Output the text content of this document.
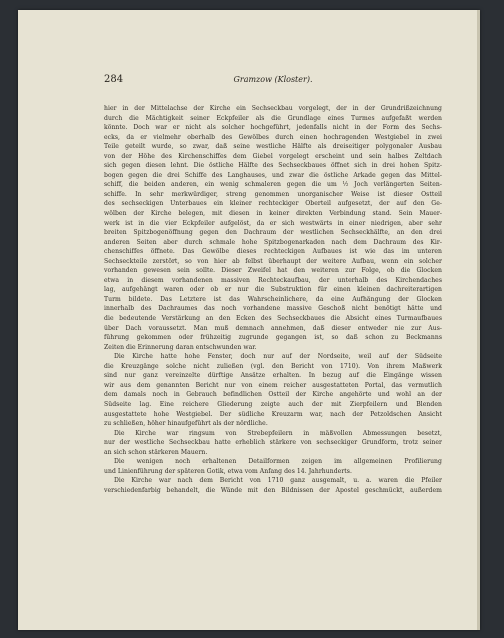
284	Gramzow (Kloster).
hier in der Mittelachse der Kirche ein Sechseckbau vorgelegt, der in der Grundrißzeichnung
durch die Mächtigkeit seiner Eckpfeiler als die Grundlage eines Turmes aufgefaßt werden
könnte. Doch war er nicht als solcher hochgeführt, jedenfalls nicht in der Form des Sechs-
ecks, da er vielmehr oberhalb des Gewölbes durch einen hochragenden Westgiebel in zwei
Teile geteilt wurde, so zwar, daß seine westliche Hälfte als dreiseitiger polygonaler Ausbau
von der Höhe des Kirchenschiffes dem Giebel vorgelegt erscheint und sein halbes Zeltdach
sich gegen diesen lehnt. Die östliche Hälfte des Sechseckbaues öffnet sich in drei hohen Spitz-
bogen gegen die drei Schiffe des Langhauses, und zwar die östliche Arkade gegen das Mittel-
schiff, die beiden anderen, ein wenig schmaleren gegen die um ½ Joch verlängerten Seiten-
schiffe. In sehr merkwürdiger, streng genommen unorganischer Weise ist dieser Ostteil
des sechseckigen Unterbaues ein kleiner rechteckiger Oberteil aufgesetzt, der auf den Ge-
wölben der Kirche belegen, mit diesen in keiner direkten Verbindung stand. Sein Mauer-
werk ist in die vier Eckpfeiler aufgelöst, da er sich westwärts in einer niedrigen, aber sehr
breiten Spitzbogenöffnung gegen den Dachraum der westlichen Sechseckhälfte, an den drei
anderen Seiten aber durch schmale hohe Spitzbogenarkaden nach dem Dachraum des Kir-
chenschiffes öffnete. Das Gewölbe dieses rechteckigen Aufbaues ist wie das im unteren
Sechseckteile zerstört, so von hier ab felbst überhaupt der weitere Aufbau, wenn ein solcher
vorhanden gewesen sein sollte. Dieser Zweifel hat den weiteren zur Folge, ob die Glocken
etwa in diesem vorhandenen massiven Rechteckaufbau, der unterhalb des Kirchendaches
lag, aufgehängt waren oder ob er nur die Substruktion für einen kleinen dachreiterartigen
Turm bildete. Das Letztere ist das Wahrscheinlichere, da eine Aufhängung der Glocken
innerhalb des Dachraumes das noch vorhandene massive Geschoß nicht benötigt hätte und
die bedeutende Verstärkung an den Ecken des Sechseckbaues die Absicht eines Turmaufbaues
über Dach voraussetzt. Man muß demnach annehmen, daß dieser entweder nie zur Aus-
führung gekommen oder frühzeitig zugrunde gegangen ist, so daß schon zu Beckmanns
Zeiten die Erinnerung daran entschwunden war.
Die Kirche hatte hohe Fenster, doch nur auf der Nordseite, weil auf der Südseite
die Kreuzgänge solche nicht zuließen (vgl. den Bericht von 1710). Von ihrem Maßwerk
sind nur ganz vereinzelte dürftige Ansätze erhalten. In bezug auf die Eingänge wissen
wir aus dem genannten Bericht nur von einem reicher ausgestatteten Portal, das vermutlich
dem damals noch in Gebrauch befindlichen Ostteil der Kirche angehörte und wohl an der
Südseite lag. Eine reichere Gliederung zeigte auch der mit Zierpfeilern und Blenden
ausgestattete hohe Westgiebel. Der südliche Kreuzarm war, nach der Petzoldschen Ansicht
zu schließen, höher hinaufgeführt als der nördliche.
Die Kirche war ringsum von Strebepfeilern in mäßvollen Abmessungen besetzt,
nur der westliche Sechseckbau hatte erheblich stärkere von sechseckiger Grundform, trotz seiner
an sich schon stärkeren Mauern.
Die wenigen noch erhaltenen Detailformen zeigen im allgemeinen Profilierung
und Linienführung der späteren Gotik, etwa vom Anfang des 14. Jahrhunderts.
Die Kirche war nach dem Bericht von 1710 ganz ausgemalt, u. a. waren die Pfeiler
verschiedenfarbig behandelt, die Wände mit den Bildnissen der Apostel geschmückt, außerdem
